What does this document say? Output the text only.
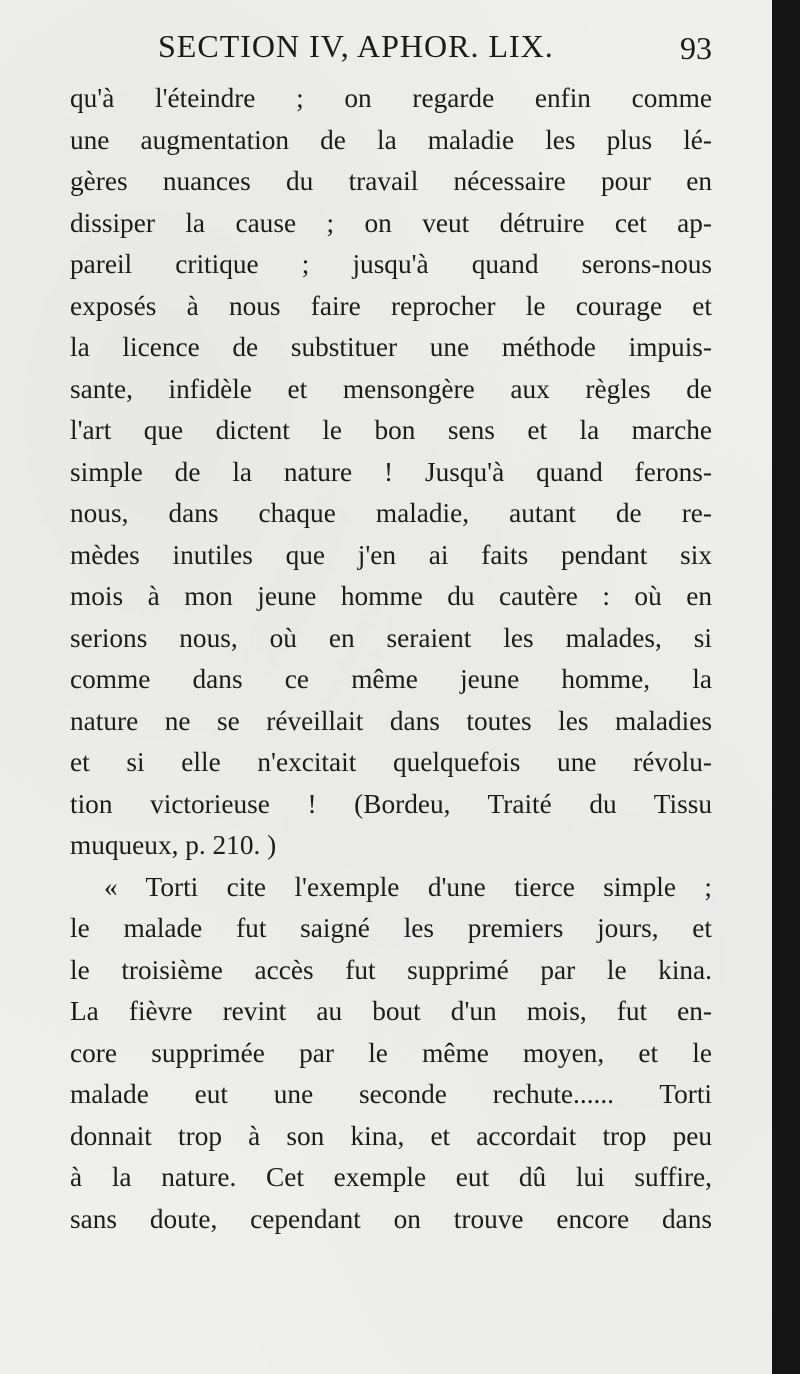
SECTION IV, APHOR. LIX.	93
qu'à l'éteindre ; on regarde enfin comme
une augmentation de la maladie les plus lé-
gères nuances du travail nécessaire pour en
dissiper la cause ; on veut détruire cet ap-
pareil critique ; jusqu'à quand serons-nous
exposés à nous faire reprocher le courage et
la licence de substituer une méthode impuis-
sante, infidèle et mensongère aux règles de
l'art que dictent le bon sens et la marche
simple de la nature ! Jusqu'à quand ferons-
nous, dans chaque maladie, autant de re-
mèdes inutiles que j'en ai faits pendant six
mois à mon jeune homme du cautère : où en
serions nous, où en seraient les malades, si
comme dans ce même jeune homme, la
nature ne se réveillait dans toutes les maladies
et si elle n'excitait quelquefois une révolu-
tion victorieuse ! (Bordeu, Traité du Tissu
muqueux, p. 210. )
« Torti cite l'exemple d'une tierce simple ;
le malade fut saigné les premiers jours, et
le troisième accès fut supprimé par le kina.
La fièvre revint au bout d'un mois, fut en-
core supprimée par le même moyen, et le
malade eut une seconde rechute...... Torti
donnait trop à son kina, et accordait trop peu
à la nature. Cet exemple eut dû lui suffire,
sans doute, cependant on trouve encore dans
